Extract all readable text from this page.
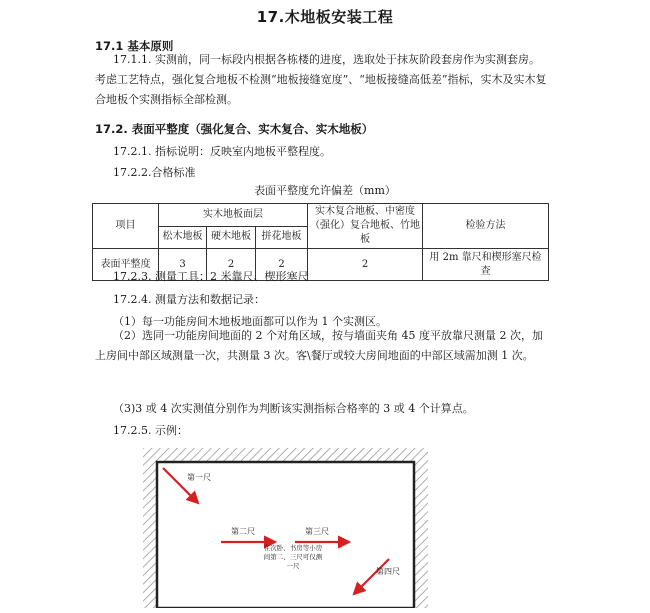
17.木地板安装工程
17.1 基本原则

17.1.1. 实测前，同一标段内根据各栋楼的进度，选取处于抹灰阶段套房作为实测套房。考虑工艺特点，强化复合地板不检测“地板接缝宽度”、“地板接缝高低差”指标，实木及实木复合地板个实测指标全部检测。

17.2. 表面平整度（强化复合、实木复合、实木地板）
17.2.1. 指标说明：反映室内地板平整程度。
17.2.2.合格标准
表面平整度允许偏差（mm）
项目	实木地板面层			实木复合地板、中密度（强化）复合地板、竹地板	检验方法
	松木地板	硬木地板	拼花地板		
表面平整度	3	2	2	2	用 2m 靠尺和楔形塞尺检查
17.2.3. 测量工具：2 米靠尺、楔形塞尺
17.2.4. 测量方法和数据记录：
（1）每一功能房间木地板地面都可以作为 1 个实测区。

（2）选同一功能房间地面的 2 个对角区域，按与墙面夹角 45 度平放靠尺测量 2 次，加上房间中部区域测量一次，共测量 3 次。客\餐厅或较大房间地面的中部区域需加测 1 次。

（3)3 或 4 次实测值分别作为判断该实测指标合格率的 3 或 4 个计算点。
17.2.5. 示例：
第一尺
第二尺	第三尺
第四尺
在次卧、书房等小房间第二、三尺可仅测一尺
